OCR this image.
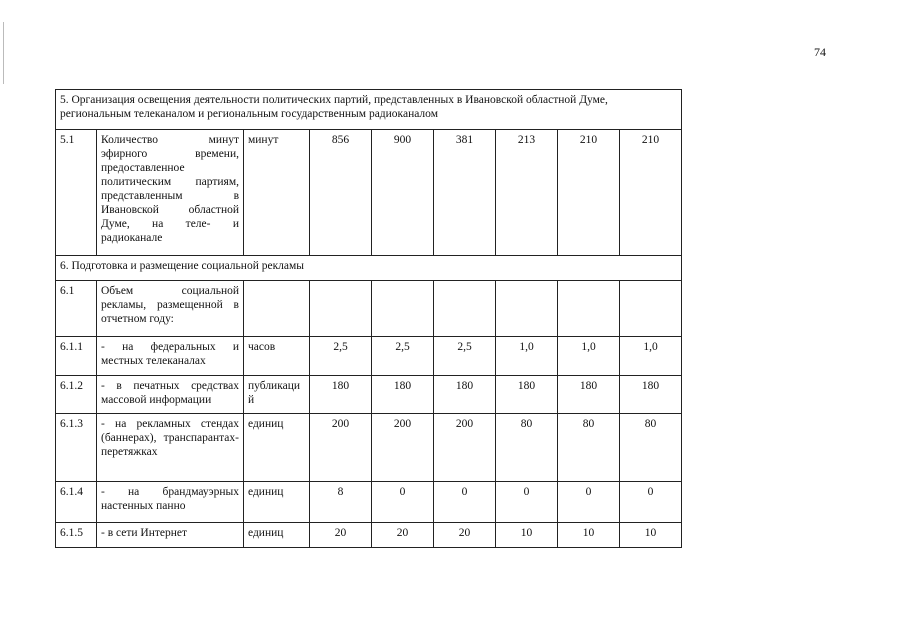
74
5. Организация освещения деятельности политических партий, представленных в Ивановской областной Думе, региональным телеканалом и региональным государственным радиоканалом								
5.1	Количество минут эфирного времени, предоставленное политическим партиям, представленным в Ивановской областной Думе, на теле- и радиоканале	минут	856	900	381	213	210	210
6. Подготовка и размещение социальной рекламы								
6.1	Объем социальной рекламы, размещенной в отчетном году:							
6.1.1	- на федеральных и местных телеканалах	часов	2,5	2,5	2,5	1,0	1,0	1,0
6.1.2	- в печатных средствах массовой информации	публикаци й	180	180	180	180	180	180
6.1.3	- на рекламных стендах (баннерах), транспарантах-перетяжках	единиц	200	200	200	80	80	80
6.1.4	- на брандмауэрных настенных панно	единиц	8	0	0	0	0	0
6.1.5	- в сети Интернет	единиц	20	20	20	10	10	10
